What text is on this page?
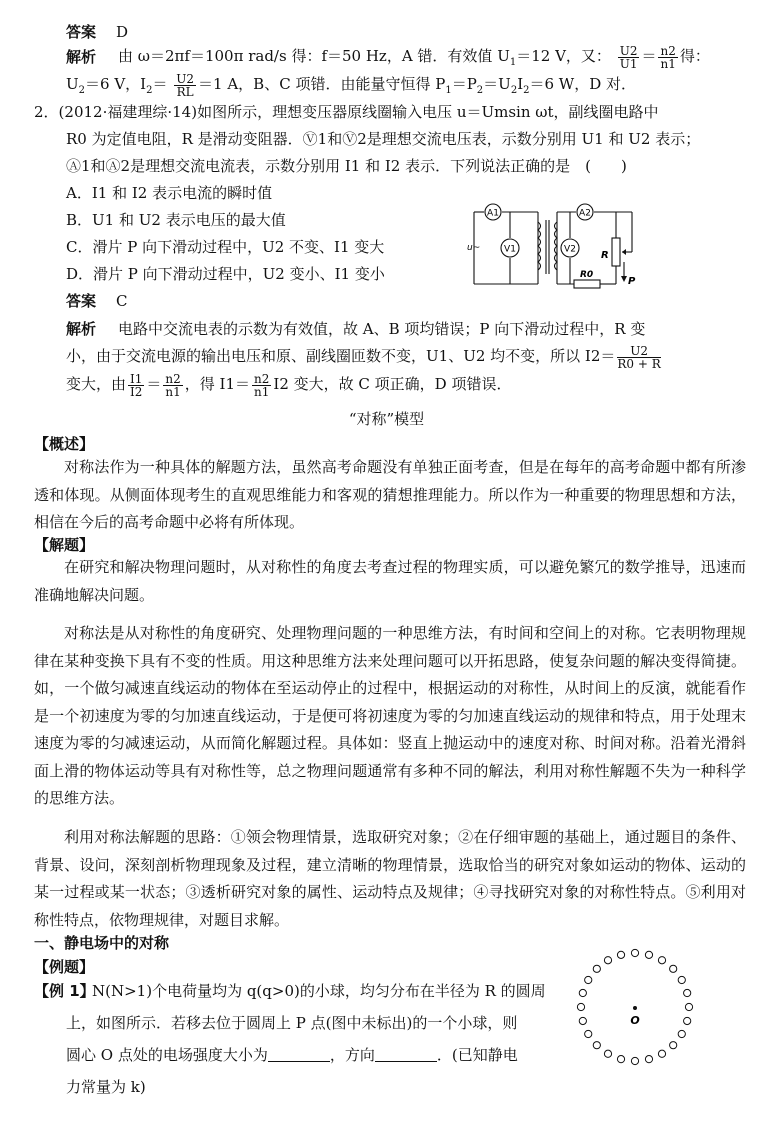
答案 D
解析 由 ω＝2πf＝100π rad/s 得：f＝50 Hz，A 错．有效值 $U_1=12$ V，又： $\frac{U2}{U1} = \frac{n2}{n1}$ 得：
$U_2=6$ V，$I_2= \frac{U2}{RL} =1$ A，B、C 项错．由能量守恒得 $P_1=P_2=U_2I_2=6$ W，D 对．
2．(2012·福建理综·14)如图所示，理想变压器原线圈输入电压 u＝Umsin ωt，副线圈电路中
R0 为定值电阻，R 是滑动变阻器．Ⓥ1和Ⓥ2是理想交流电压表，示数分别用 U1 和 U2 表示；
Ⓐ1和Ⓐ2是理想交流电流表，示数分别用 I1 和 I2 表示．下列说法正确的是　(　　)
A．I1 和 I2 表示电流的瞬时值
B．U1 和 U2 表示电压的最大值
C．滑片 P 向下滑动过程中，U2 不变、I1 变大
D．滑片 P 向下滑动过程中，U2 变小、I1 变小
A1	A2
V1	V2
u~
R
R0
P
答案 C
解析 电路中交流电表的示数为有效值，故 A、B 项均错误；P 向下滑动过程中，R 变
小，由于交流电源的输出电压和原、副线圈匝数不变，U1、U2 均不变，所以 $I2= \frac{U2}{R0 + R}$
变大，由 $\frac{I1}{I2} = \frac{n2}{n1}$ ，得 $I1= \frac{n2}{n1} I2$ 变大，故 C 项正确，D 项错误．
“对称”模型
【概述】
对称法作为一种具体的解题方法，虽然高考命题没有单独正面考查，但是在每年的高考命题中都有所渗透和体现。从侧面体现考生的直观思维能力和客观的猜想推理能力。所以作为一种重要的物理思想和方法，相信在今后的高考命题中必将有所体现。
【解题】
在研究和解决物理问题时，从对称性的角度去考查过程的物理实质，可以避免繁冗的数学推导，迅速而准确地解决问题。
对称法是从对称性的角度研究、处理物理问题的一种思维方法，有时间和空间上的对称。它表明物理规律在某种变换下具有不变的性质。用这种思维方法来处理问题可以开拓思路，使复杂问题的解决变得简捷。如，一个做匀减速直线运动的物体在至运动停止的过程中，根据运动的对称性，从时间上的反演，就能看作是一个初速度为零的匀加速直线运动，于是便可将初速度为零的匀加速直线运动的规律和特点，用于处理末速度为零的匀减速运动，从而简化解题过程。具体如：竖直上抛运动中的速度对称、时间对称。沿着光滑斜面上滑的物体运动等具有对称性等，总之物理问题通常有多种不同的解法，利用对称性解题不失为一种科学的思维方法。
利用对称法解题的思路：①领会物理情景，选取研究对象；②在仔细审题的基础上，通过题目的条件、背景、设问，深刻剖析物理现象及过程，建立清晰的物理情景，选取恰当的研究对象如运动的物体、运动的某一过程或某一状态；③透析研究对象的属性、运动特点及规律；④寻找研究对象的对称性特点。⑤利用对称性特点，依物理规律，对题目求解。
一、静电场中的对称
【例题】
【例 1】
N(N>1)个电荷量均为 q(q>0)的小球，均匀分布在半径为 R 的圆周
上，如图所示．若移去位于圆周上 P 点(图中未标出)的一个小球，则
圆心 O 点处的电场强度大小为	，方向	．(已知静电
力常量为 k)
O
